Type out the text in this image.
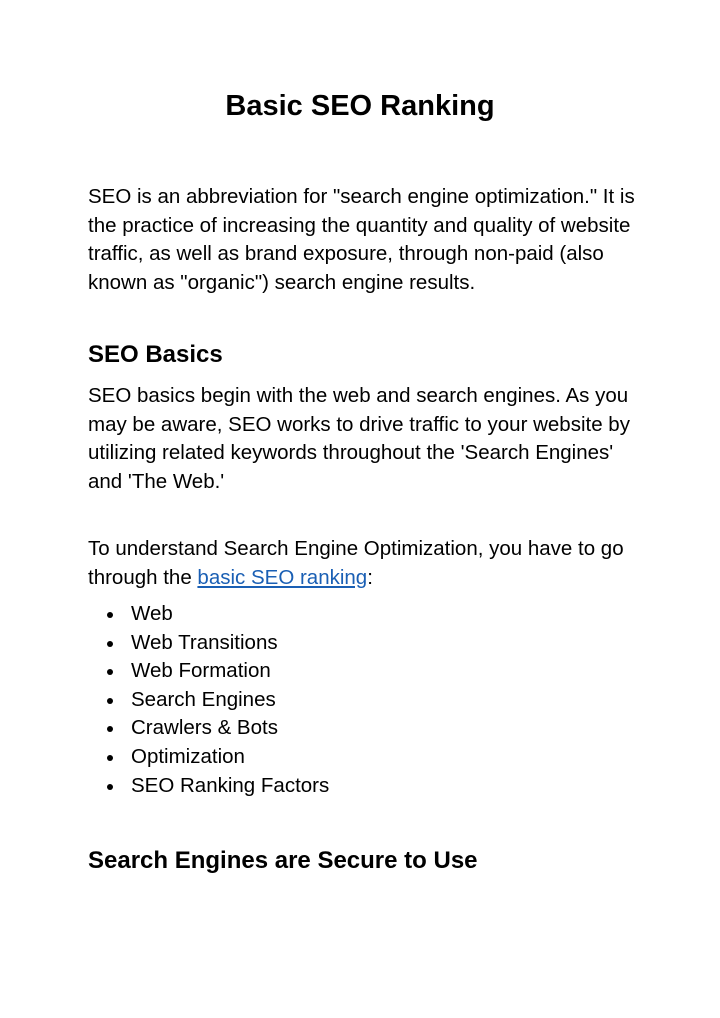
Basic SEO Ranking

SEO is an abbreviation for "search engine optimization." It is the practice of increasing the quantity and quality of website traffic, as well as brand exposure, through non-paid (also known as "organic") search engine results.

SEO Basics

SEO basics begin with the web and search engines. As you may be aware, SEO works to drive traffic to your website by utilizing related keywords throughout the 'Search Engines' and 'The Web.'

To understand Search Engine Optimization, you have to go through the basic SEO ranking:

Web
Web Transitions
Web Formation
Search Engines
Crawlers & Bots
Optimization
SEO Ranking Factors
Search Engines are Secure to Use
